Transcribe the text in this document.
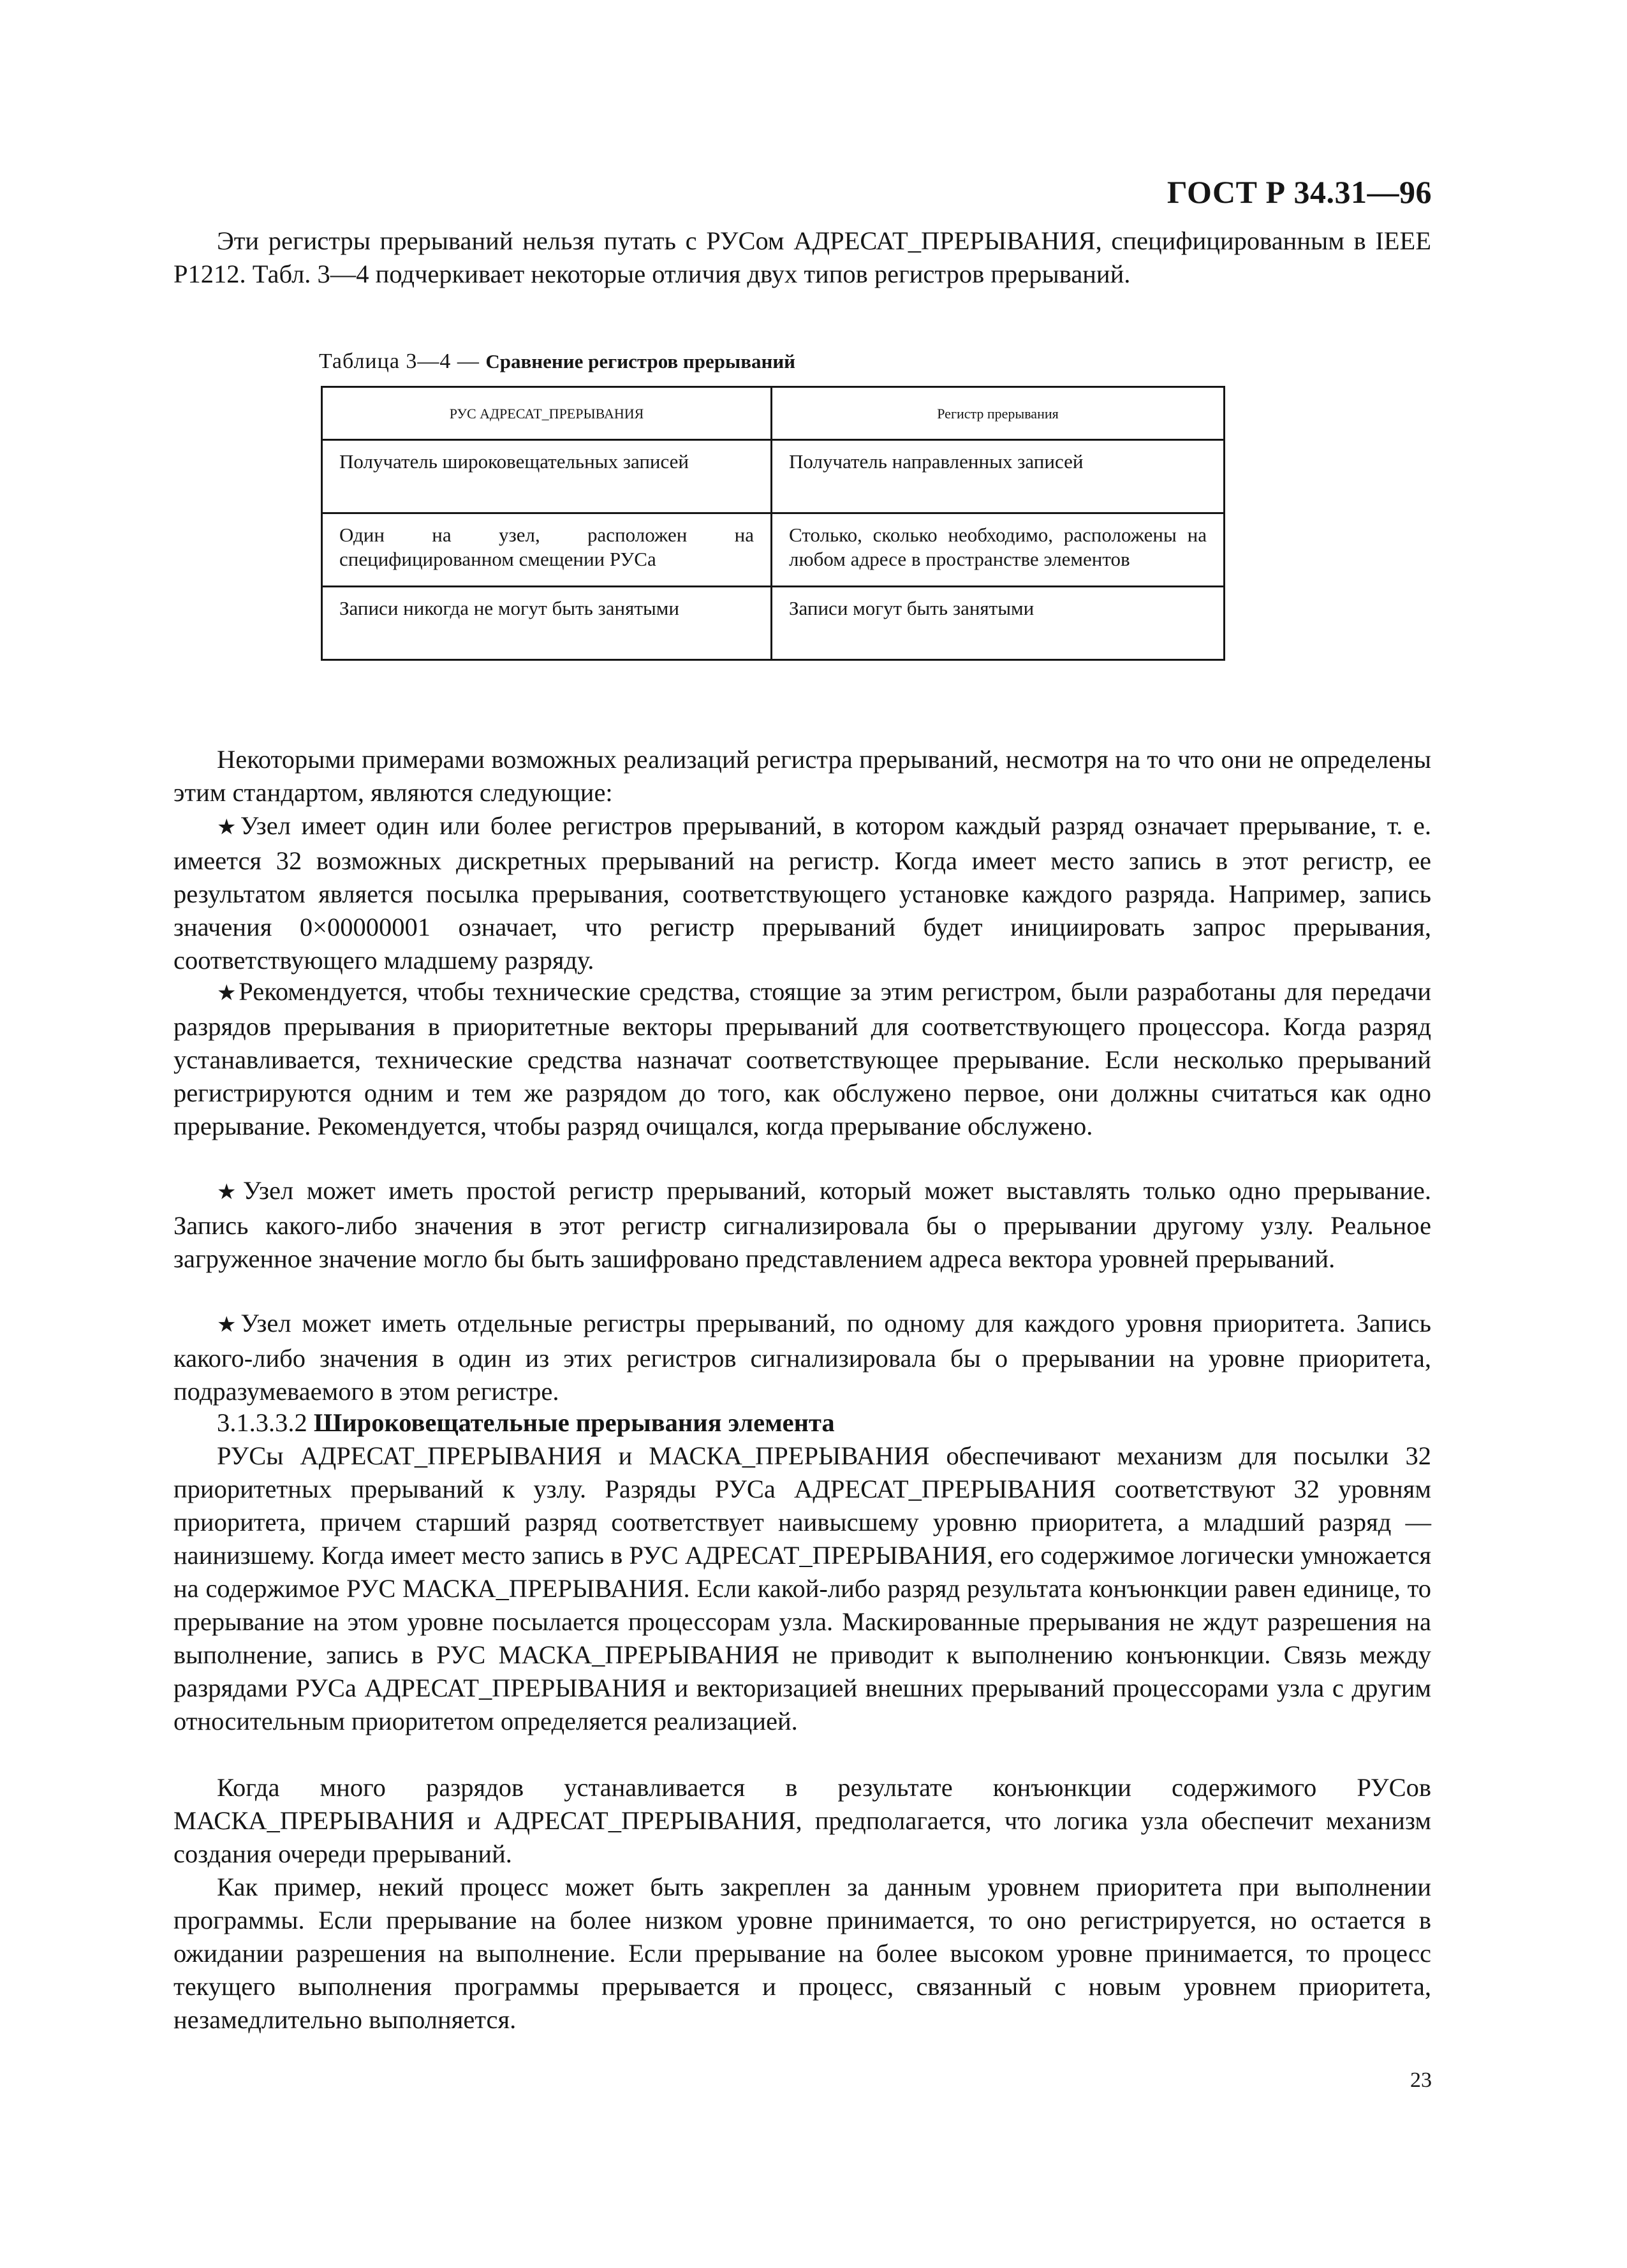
ГОСТ Р 34.31—96

Эти регистры прерываний нельзя путать с РУСом АДРЕСАТ_ПРЕРЫВАНИЯ, специфицированным в IEEE P1212. Табл. 3—4 подчеркивает некоторые отличия двух типов регистров прерываний.

Таблица 3—4 — Сравнение регистров прерываний
РУС АДРЕСАТ_ПРЕРЫВАНИЯ	Регистр прерывания
Получатель широковещательных записей	Получатель направленных записей
Один на узел, расположен на специфицированном смещении РУСа	Столько, сколько необходимо, расположены на любом адресе в пространстве элементов
Записи никогда не могут быть занятыми	Записи могут быть занятыми

Некоторыми примерами возможных реализаций регистра прерываний, несмотря на то что они не определены этим стандартом, являются следующие:

★Узел имеет один или более регистров прерываний, в котором каждый разряд означает прерывание, т. е. имеется 32 возможных дискретных прерываний на регистр. Когда имеет место запись в этот регистр, ее результатом является посылка прерывания, соответствующего установке каждого разряда. Например, запись значения 0×00000001 означает, что регистр прерываний будет инициировать запрос прерывания, соответствующего младшему разряду.

★Рекомендуется, чтобы технические средства, стоящие за этим регистром, были разработаны для передачи разрядов прерывания в приоритетные векторы прерываний для соответствующего процессора. Когда разряд устанавливается, технические средства назначат соответствующее прерывание. Если несколько прерываний регистрируются одним и тем же разрядом до того, как обслужено первое, они должны считаться как одно прерывание. Рекомендуется, чтобы разряд очищался, когда прерывание обслужено.

★Узел может иметь простой регистр прерываний, который может выставлять только одно прерывание. Запись какого-либо значения в этот регистр сигнализировала бы о прерывании другому узлу. Реальное загруженное значение могло бы быть зашифровано представлением адреса вектора уровней прерываний.

★Узел может иметь отдельные регистры прерываний, по одному для каждого уровня приоритета. Запись какого-либо значения в один из этих регистров сигнализировала бы о прерывании на уровне приоритета, подразумеваемого в этом регистре.

3.1.3.3.2 Широковещательные прерывания элемента

РУСы АДРЕСАТ_ПРЕРЫВАНИЯ и МАСКА_ПРЕРЫВАНИЯ обеспечивают механизм для посылки 32 приоритетных прерываний к узлу. Разряды РУСа АДРЕСАТ_ПРЕРЫВАНИЯ соответствуют 32 уровням приоритета, причем старший разряд соответствует наивысшему уровню приоритета, а младший разряд — наинизшему. Когда имеет место запись в РУС АДРЕСАТ_ПРЕРЫВАНИЯ, его содержимое логически умножается на содержимое РУС МАСКА_ПРЕРЫВАНИЯ. Если какой-либо разряд результата конъюнкции равен единице, то прерывание на этом уровне посылается процессорам узла. Маскированные прерывания не ждут разрешения на выполнение, запись в РУС МАСКА_ПРЕРЫВАНИЯ не приводит к выполнению конъюнкции. Связь между разрядами РУСа АДРЕСАТ_ПРЕРЫВАНИЯ и векторизацией внешних прерываний процессорами узла с другим относительным приоритетом определяется реализацией.

Когда много разрядов устанавливается в результате конъюнкции содержимого РУСов МАСКА_ПРЕРЫВАНИЯ и АДРЕСАТ_ПРЕРЫВАНИЯ, предполагается, что логика узла обеспечит механизм создания очереди прерываний.

Как пример, некий процесс может быть закреплен за данным уровнем приоритета при выполнении программы. Если прерывание на более низком уровне принимается, то оно регистрируется, но остается в ожидании разрешения на выполнение. Если прерывание на более высоком уровне принимается, то процесс текущего выполнения программы прерывается и процесс, связанный с новым уровнем приоритета, незамедлительно выполняется.

23
